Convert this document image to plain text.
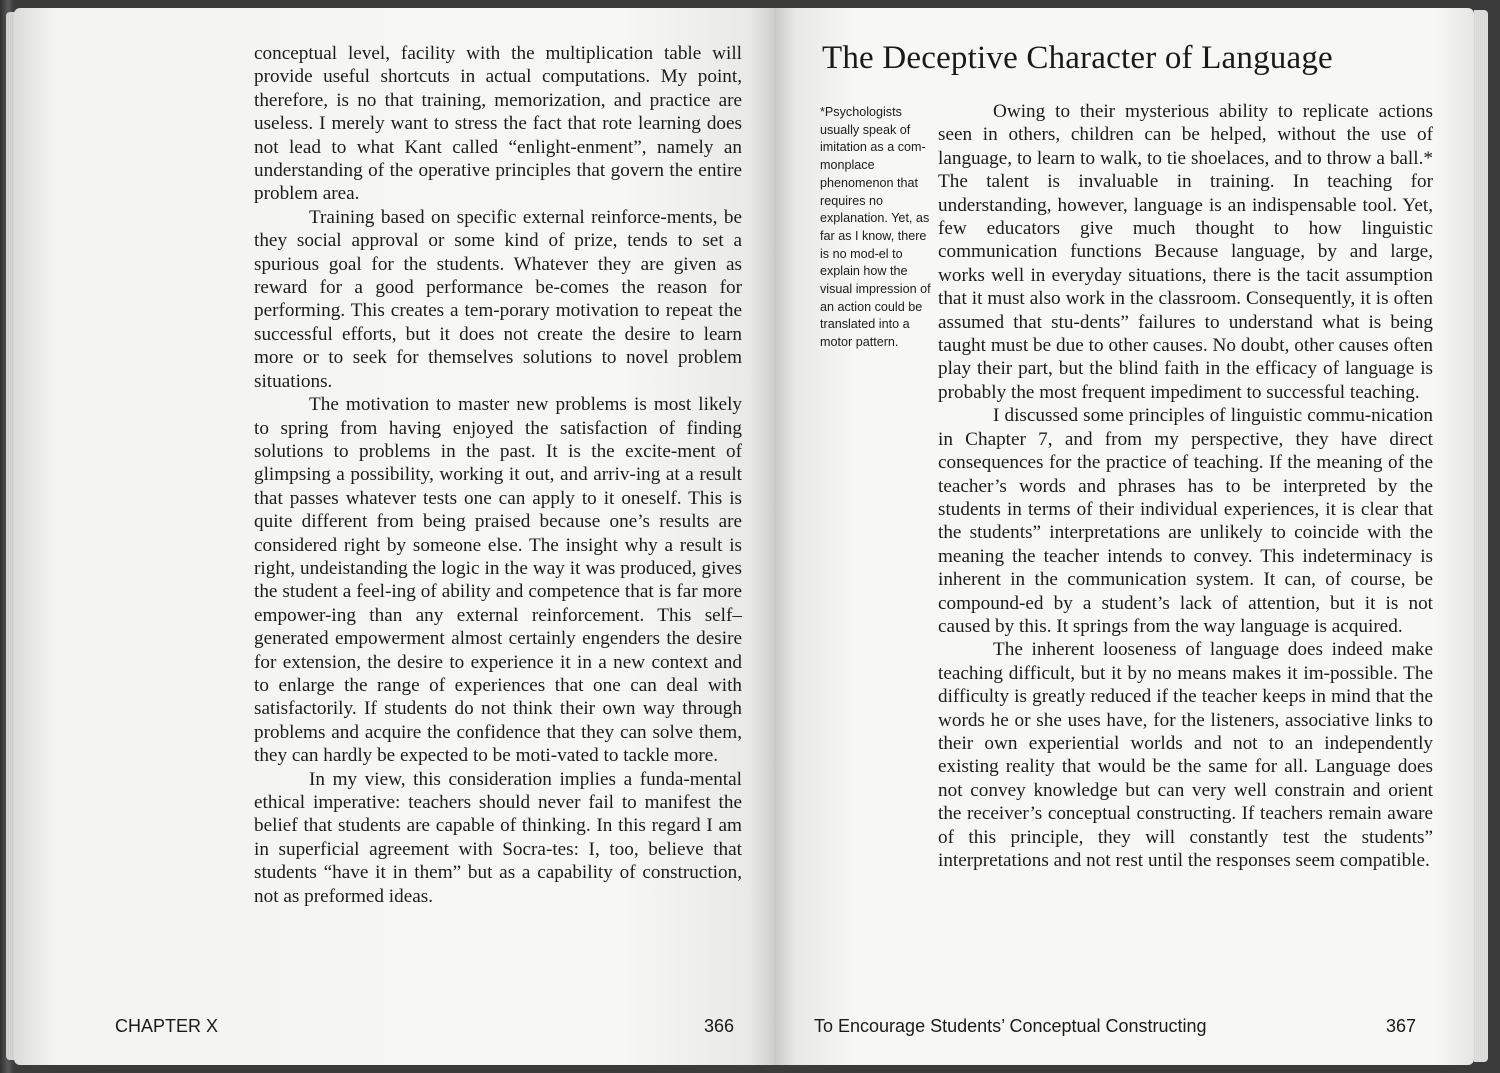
conceptual level, facility with the multiplication table will provide useful shortcuts in actual computations. My point, therefore, is no that training, memorization, and practice are useless. I merely want to stress the fact that rote learning does not lead to what Kant called “enlight-enment”, namely an understanding of the operative principles that govern the entire problem area.

Training based on specific external reinforce-ments, be they social approval or some kind of prize, tends to set a spurious goal for the students. Whatever they are given as reward for a good performance be-comes the reason for performing. This creates a tem-porary motivation to repeat the successful efforts, but it does not create the desire to learn more or to seek for themselves solutions to novel problem situations.

The motivation to master new problems is most likely to spring from having enjoyed the satisfaction of finding solutions to problems in the past. It is the excite-ment of glimpsing a possibility, working it out, and arriv-ing at a result that passes whatever tests one can apply to it oneself. This is quite different from being praised because one’s results are considered right by someone else. The insight why a result is right, undeistanding the logic in the way it was produced, gives the student a feel-ing of ability and competence that is far more empower-ing than any external reinforcement. This self–generated empowerment almost certainly engenders the desire for extension, the desire to experience it in a new context and to enlarge the range of experiences that one can deal with satisfactorily. If students do not think their own way through problems and acquire the confidence that they can solve them, they can hardly be expected to be moti-vated to tackle more.

In my view, this consideration implies a funda-mental ethical imperative: teachers should never fail to manifest the belief that students are capable of thinking. In this regard I am in superficial agreement with Socra-tes: I, too, believe that students “have it in them” but as a capability of construction, not as preformed ideas.

CHAPTER X	366
The Deceptive Character of Language
*Psychologists usually speak of imitation as a com-monplace phenomenon that requires no explanation. Yet, as far as I know, there is no mod-el to explain how the visual impression of an action could be translated into a motor pattern.

Owing to their mysterious ability to replicate actions seen in others, children can be helped, without the use of language, to learn to walk, to tie shoelaces, and to throw a ball.* The talent is invaluable in training. In teaching for understanding, however, language is an indispensable tool. Yet, few educators give much thought to how linguistic communication functions Because language, by and large, works well in everyday situations, there is the tacit assumption that it must also work in the classroom. Consequently, it is often assumed that stu-dents” failures to understand what is being taught must be due to other causes. No doubt, other causes often play their part, but the blind faith in the efficacy of language is probably the most frequent impediment to successful teaching.

I discussed some principles of linguistic commu-nication in Chapter 7, and from my perspective, they have direct consequences for the practice of teaching. If the meaning of the teacher’s words and phrases has to be interpreted by the students in terms of their individual experiences, it is clear that the students” interpretations are unlikely to coincide with the meaning the teacher intends to convey. This indeterminacy is inherent in the communication system. It can, of course, be compound-ed by a student’s lack of attention, but it is not caused by this. It springs from the way language is acquired.

The inherent looseness of language does indeed make teaching difficult, but it by no means makes it im-possible. The difficulty is greatly reduced if the teacher keeps in mind that the words he or she uses have, for the listeners, associative links to their own experiential worlds and not to an independently existing reality that would be the same for all. Language does not convey knowledge but can very well constrain and orient the receiver’s conceptual constructing. If teachers remain aware of this principle, they will constantly test the students” interpretations and not rest until the responses seem compatible.

To Encourage Students’ Conceptual Constructing	367
